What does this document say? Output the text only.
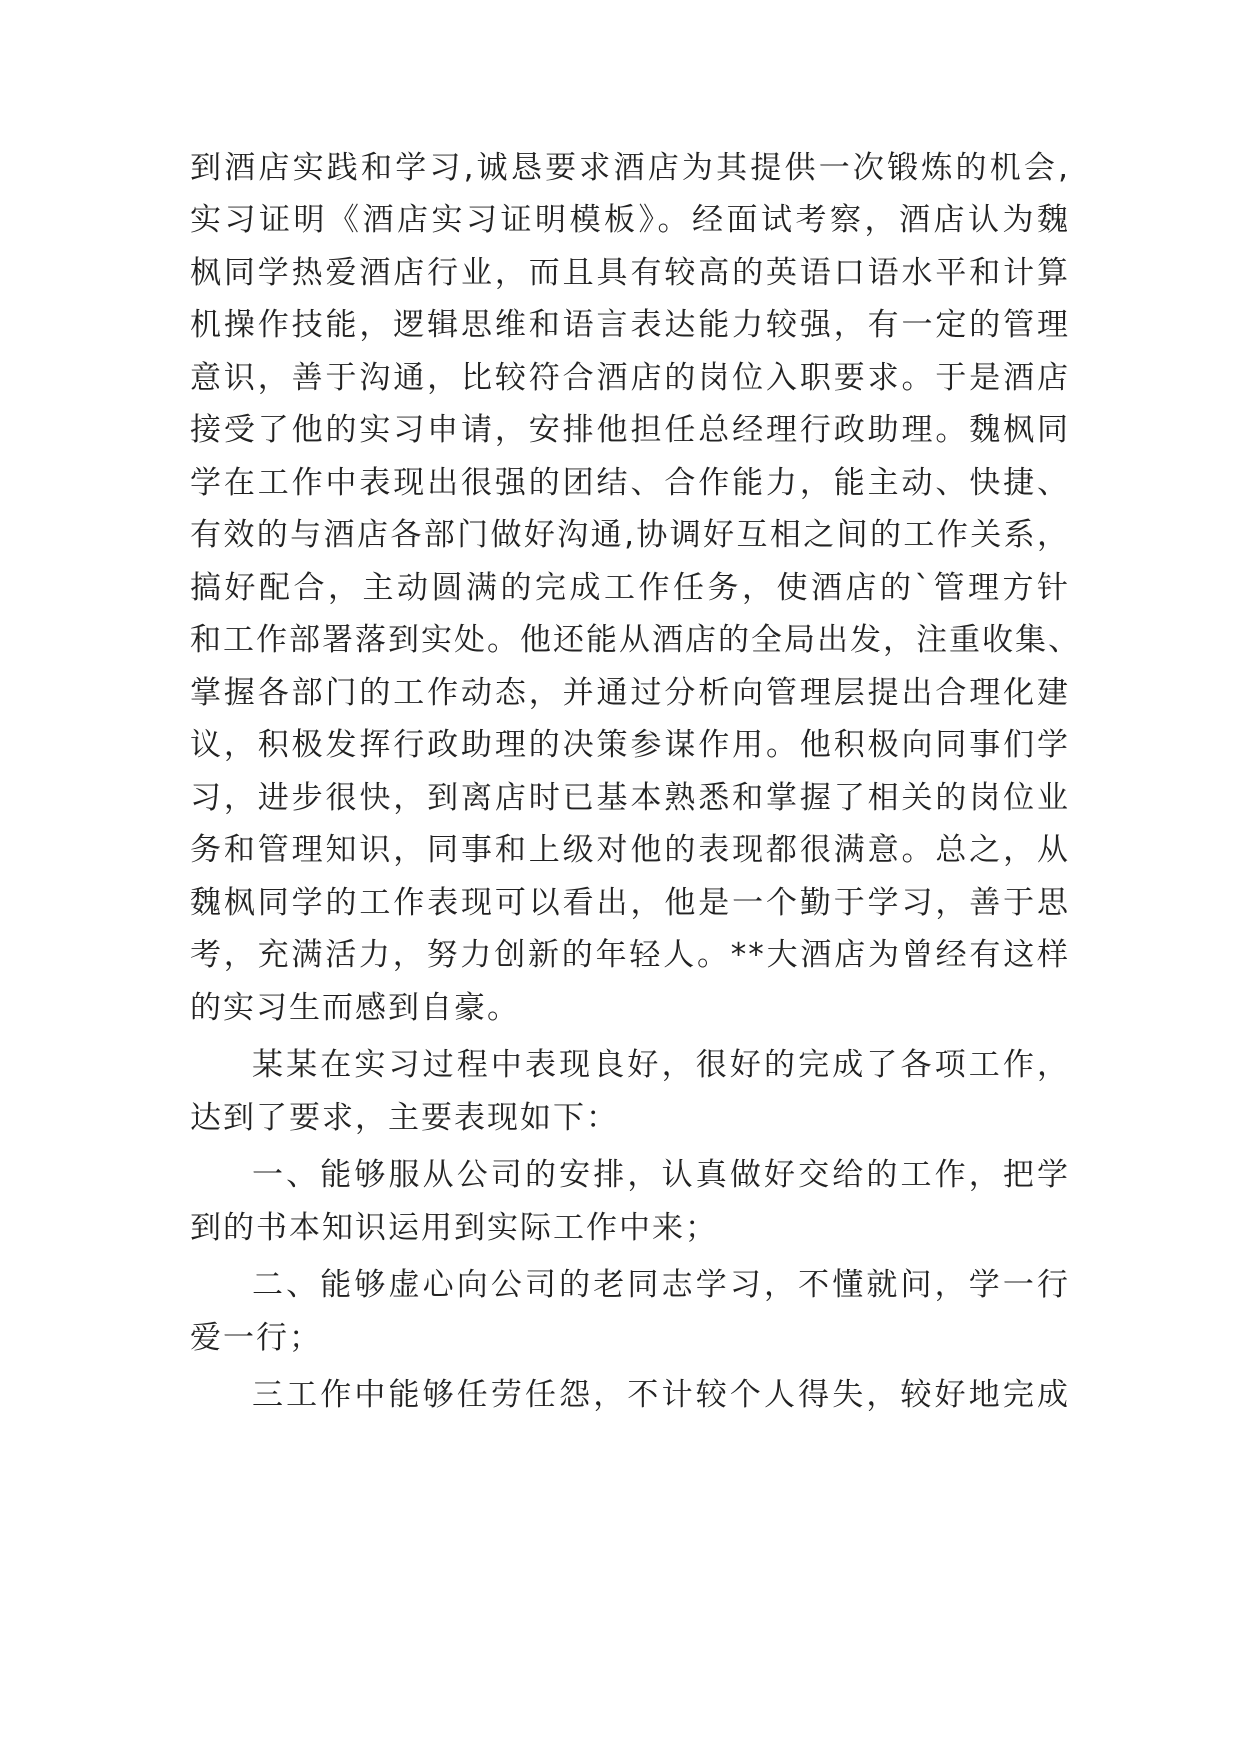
到酒店实践和学习,诚恳要求酒店为其提供一次锻炼的机会,

实习证明《酒店实习证明模板》。经面试考察，酒店认为魏

枫同学热爱酒店行业，而且具有较高的英语口语水平和计算

机操作技能，逻辑思维和语言表达能力较强，有一定的管理

意识，善于沟通，比较符合酒店的岗位入职要求。于是酒店

接受了他的实习申请，安排他担任总经理行政助理。魏枫同

学在工作中表现出很强的团结、合作能力，能主动、快捷、

有效的与酒店各部门做好沟通,协调好互相之间的工作关系，

搞好配合，主动圆满的完成工作任务，使酒店的`管理方针

和工作部署落到实处。他还能从酒店的全局出发，注重收集、

掌握各部门的工作动态，并通过分析向管理层提出合理化建

议，积极发挥行政助理的决策参谋作用。他积极向同事们学

习，进步很快，到离店时已基本熟悉和掌握了相关的岗位业

务和管理知识，同事和上级对他的表现都很满意。总之，从

魏枫同学的工作表现可以看出，他是一个勤于学习，善于思

考，充满活力，努力创新的年轻人。**大酒店为曾经有这样

的实习生而感到自豪。

某某在实习过程中表现良好，很好的完成了各项工作，

达到了要求，主要表现如下：

一、能够服从公司的安排，认真做好交给的工作，把学

到的书本知识运用到实际工作中来；

二、能够虚心向公司的老同志学习，不懂就问，学一行

爱一行；

三工作中能够任劳任怨，不计较个人得失，较好地完成
